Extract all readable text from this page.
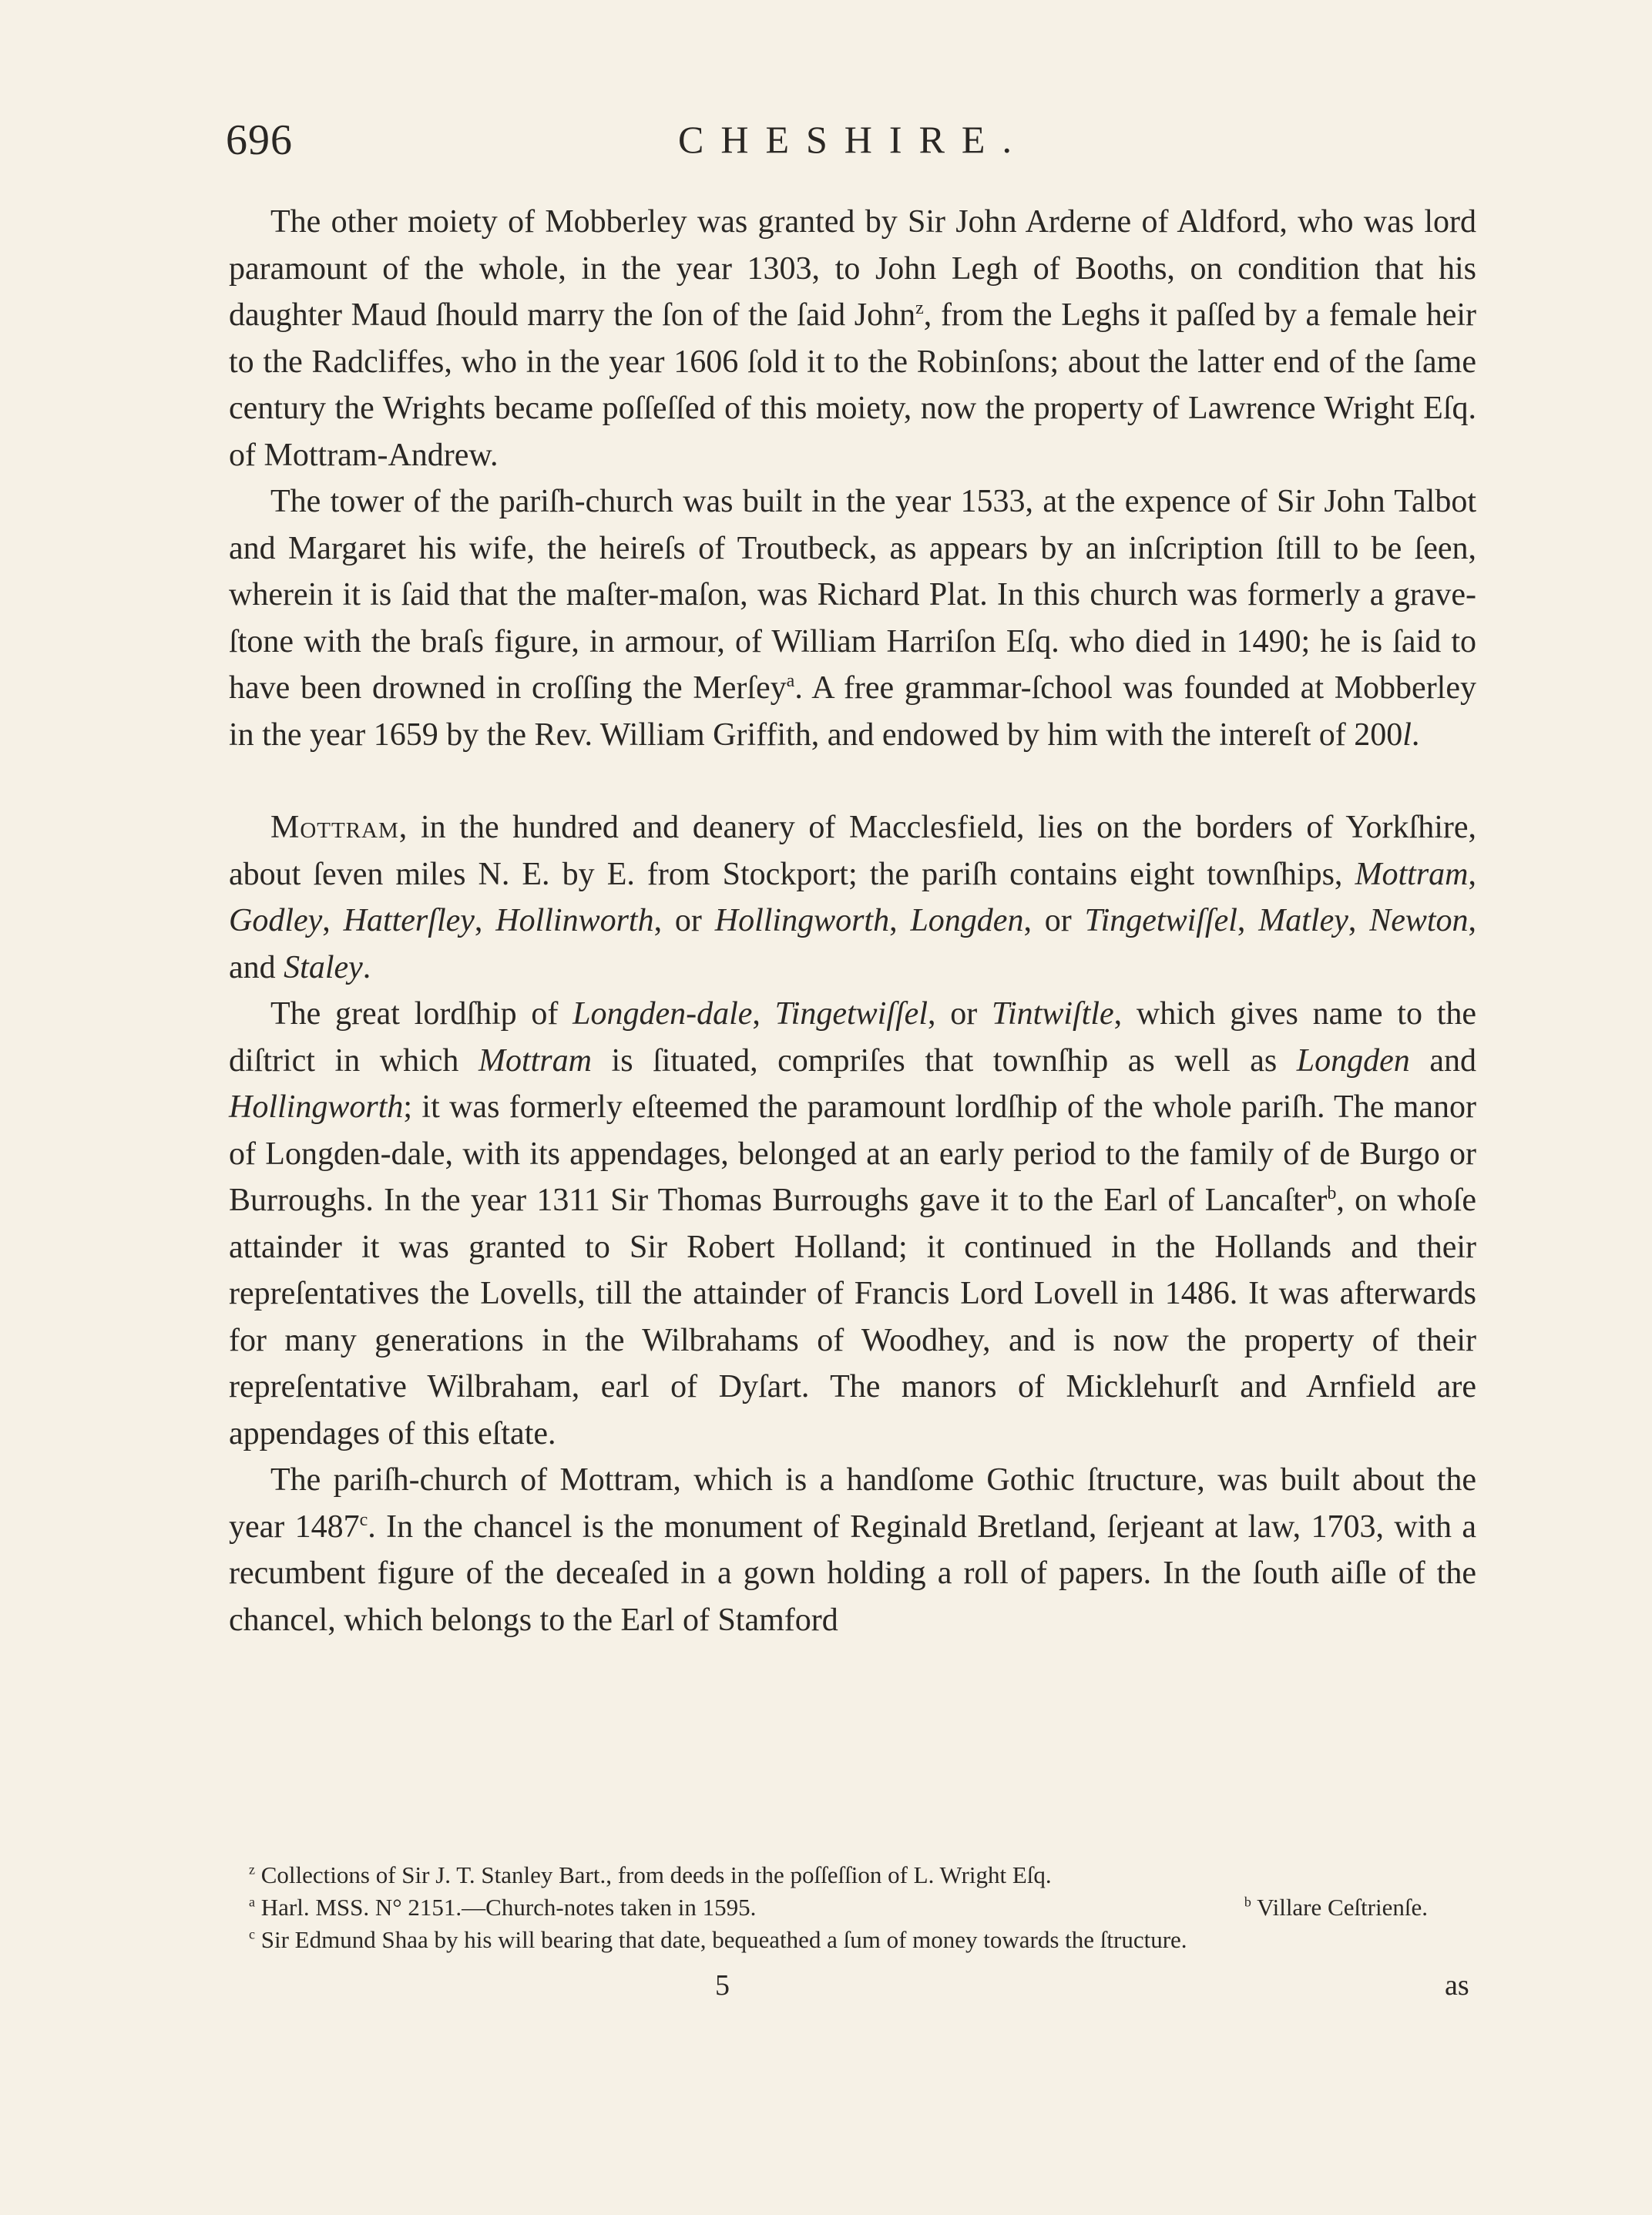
696	CHESHIRE.

The other moiety of Mobberley was granted by Sir John Arderne of Aldford, who was lord paramount of the whole, in the year 1303, to John Legh of Booths, on condition that his daughter Maud ſhould marry the ſon of the ſaid John$^z$, from the Leghs it paſſed by a female heir to the Radcliffes, who in the year 1606 ſold it to the Robinſons; about the latter end of the ſame century the Wrights became poſſeſſed of this moiety, now the property of Lawrence Wright Eſq. of Mottram-Andrew.

The tower of the pariſh-church was built in the year 1533, at the expence of Sir John Talbot and Margaret his wife, the heireſs of Troutbeck, as appears by an inſcription ſtill to be ſeen, wherein it is ſaid that the maſter-maſon, was Richard Plat. In this church was formerly a grave-ſtone with the braſs figure, in armour, of William Harriſon Eſq. who died in 1490; he is ſaid to have been drowned in croſſing the Merſey$^a$. A free grammar-ſchool was founded at Mobberley in the year 1659 by the Rev. William Griffith, and endowed by him with the intereſt of 200l.

Mottram, in the hundred and deanery of Macclesfield, lies on the borders of Yorkſhire, about ſeven miles N. E. by E. from Stockport; the pariſh contains eight townſhips, Mottram, Godley, Hatterſley, Hollinworth, or Hollingworth, Longden, or Tingetwiſſel, Matley, Newton, and Staley.

The great lordſhip of Longden-dale, Tingetwiſſel, or Tintwiſtle, which gives name to the diſtrict in which Mottram is ſituated, compriſes that townſhip as well as Longden and Hollingworth; it was formerly eſteemed the paramount lordſhip of the whole pariſh. The manor of Longden-dale, with its appendages, belonged at an early period to the family of de Burgo or Burroughs. In the year 1311 Sir Thomas Burroughs gave it to the Earl of Lancaſter$^b$, on whoſe attainder it was granted to Sir Robert Holland; it continued in the Hollands and their repreſentatives the Lovells, till the attainder of Francis Lord Lovell in 1486. It was afterwards for many generations in the Wilbrahams of Woodhey, and is now the property of their repreſentative Wilbraham, earl of Dyſart. The manors of Micklehurſt and Arnfield are appendages of this eſtate.

The pariſh-church of Mottram, which is a handſome Gothic ſtructure, was built about the year 1487$^c$. In the chancel is the monument of Reginald Bretland, ſerjeant at law, 1703, with a recumbent figure of the deceaſed in a gown holding a roll of papers. In the ſouth aiſle of the chancel, which belongs to the Earl of Stamford

$^z$ Collections of Sir J. T. Stanley Bart., from deeds in the poſſeſſion of L. Wright Eſq.

$^a$ Harl. MSS. N° 2151.—Church-notes taken in 1595.	$^b$ Villare Ceſtrienſe.

$^c$ Sir Edmund Shaa by his will bearing that date, bequeathed a ſum of money towards the ſtructure.

5	as
